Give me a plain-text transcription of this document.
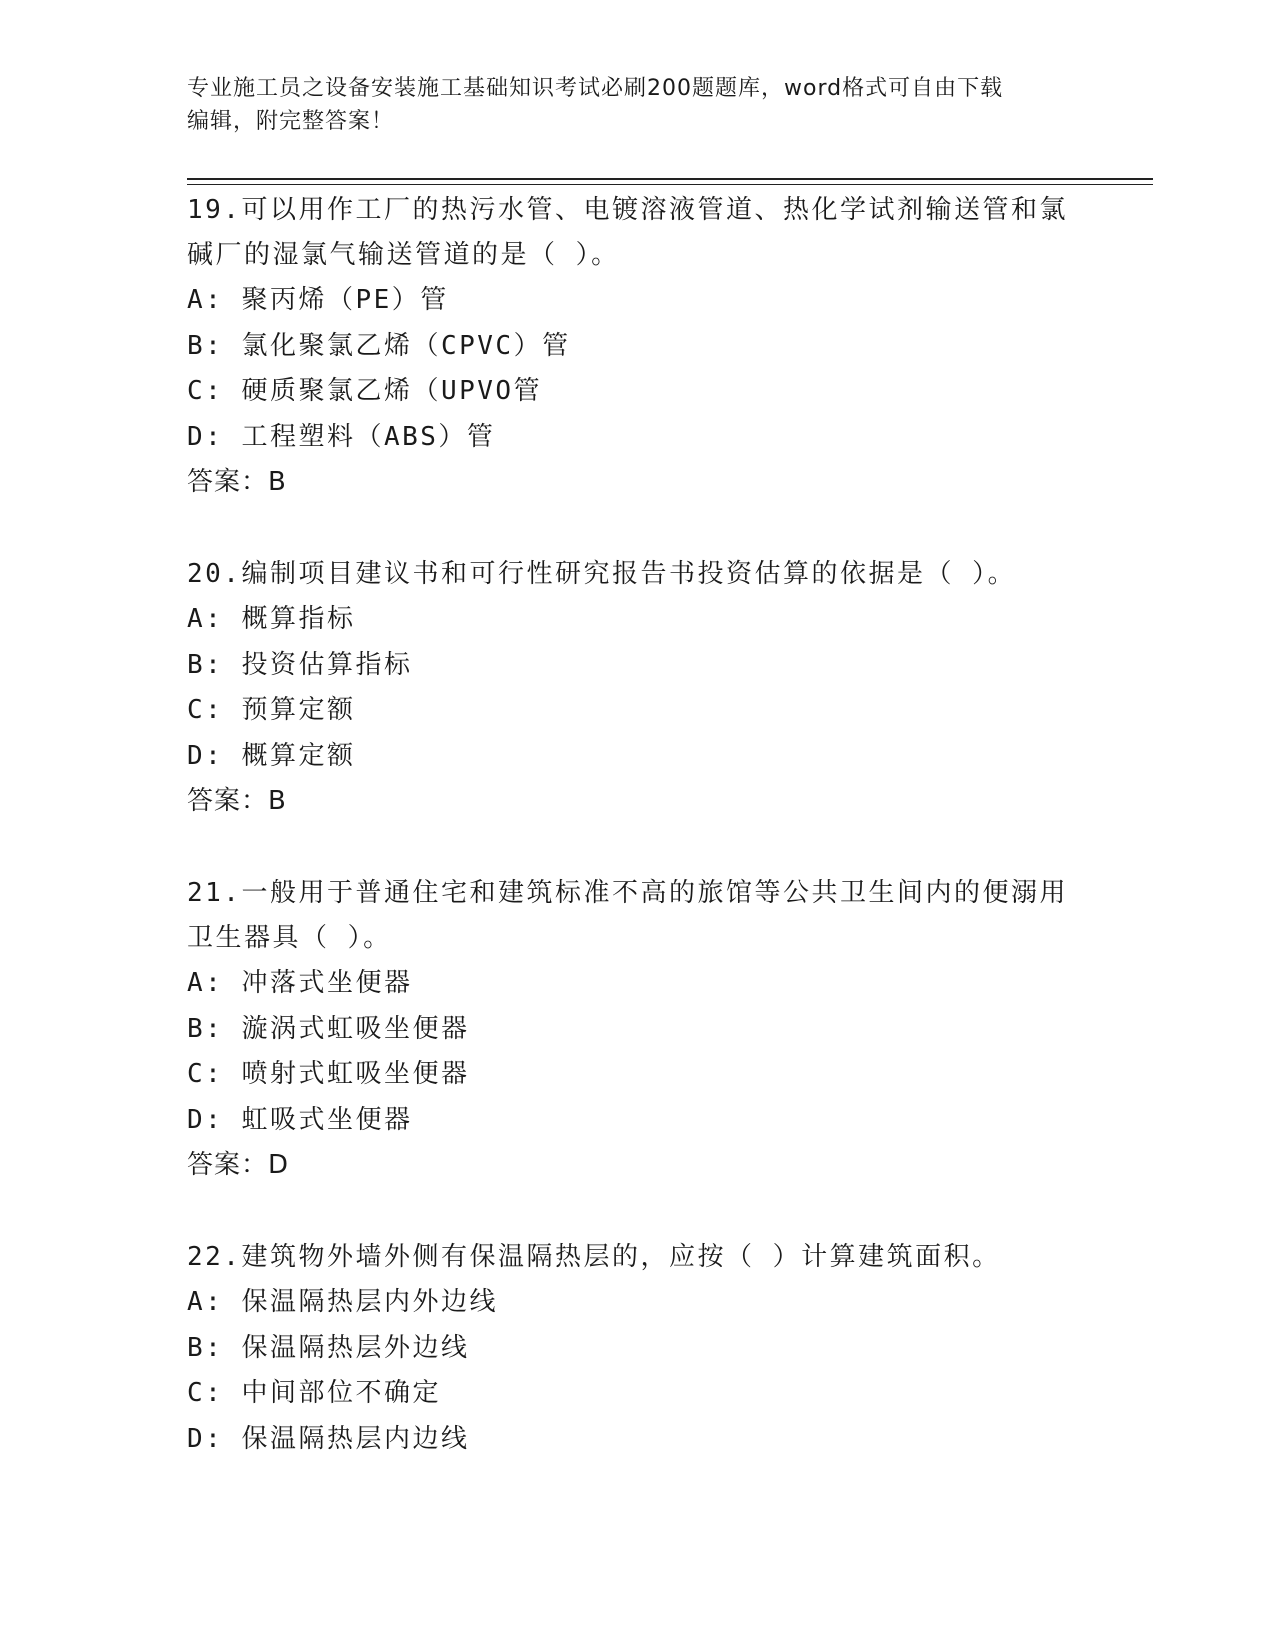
专业施工员之设备安装施工基础知识考试必刷200题题库，word格式可自由下载
编辑，附完整答案！

19.可以用作工厂的热污水管、电镀溶液管道、热化学试剂输送管和氯碱厂的湿氯气输送管道的是（ ）。

A: 聚丙烯（PE）管

B: 氯化聚氯乙烯（CPVC）管

C: 硬质聚氯乙烯（UPVO管

D: 工程塑料（ABS）管

答案：B

20.编制项目建议书和可行性研究报告书投资估算的依据是（ ）。

A: 概算指标

B: 投资估算指标

C: 预算定额

D: 概算定额

答案：B

21.一般用于普通住宅和建筑标准不高的旅馆等公共卫生间内的便溺用卫生器具（ ）。

A: 冲落式坐便器

B: 漩涡式虹吸坐便器

C: 喷射式虹吸坐便器

D: 虹吸式坐便器

答案：D

22.建筑物外墙外侧有保温隔热层的，应按（ ）计算建筑面积。

A: 保温隔热层内外边线

B: 保温隔热层外边线

C: 中间部位不确定

D: 保温隔热层内边线
